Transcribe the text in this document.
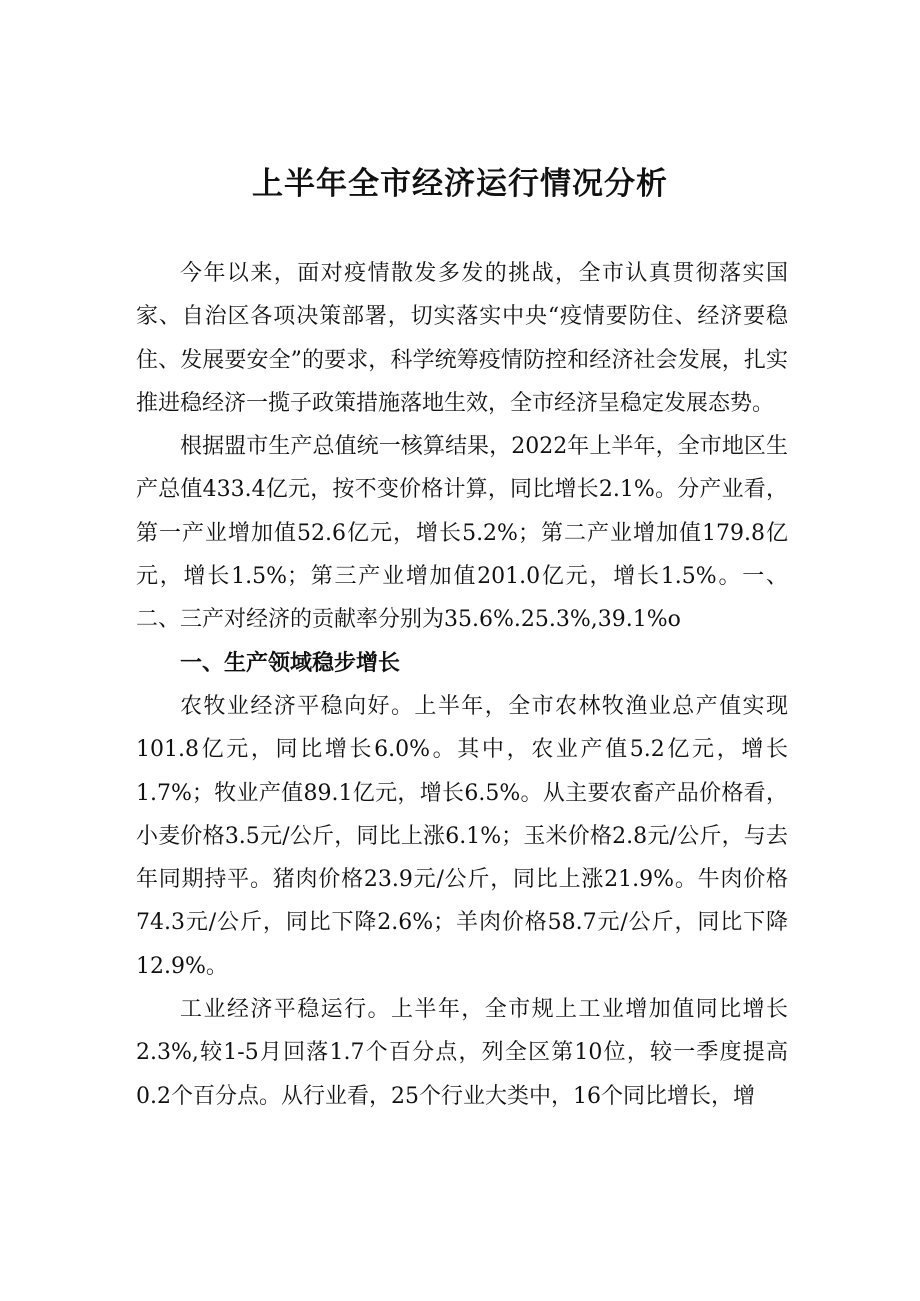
上半年全市经济运行情况分析

今年以来，面对疫情散发多发的挑战，全市认真贯彻落实国家、自治区各项决策部署，切实落实中央“疫情要防住、经济要稳住、发展要安全”的要求，科学统筹疫情防控和经济社会发展，扎实推进稳经济一揽子政策措施落地生效，全市经济呈稳定发展态势。

根据盟市生产总值统一核算结果，2022年上半年，全市地区生产总值433.4亿元，按不变价格计算，同比增长2.1%。分产业看，第一产业增加值52.6亿元，增长5.2%；第二产业增加值179.8亿元，增长1.5%；第三产业增加值201.0亿元，增长1.5%。一、二、三产对经济的贡献率分别为35.6%.25.3%,39.1%o

一、生产领域稳步增长

农牧业经济平稳向好。上半年，全市农林牧渔业总产值实现101.8亿元，同比增长6.0%。其中，农业产值5.2亿元，增长1.7%；牧业产值89.1亿元，增长6.5%。从主要农畜产品价格看，小麦价格3.5元/公斤，同比上涨6.1%；玉米价格2.8元/公斤，与去年同期持平。猪肉价格23.9元/公斤，同比上涨21.9%。牛肉价格74.3元/公斤，同比下降2.6%；羊肉价格58.7元/公斤，同比下降12.9%。

工业经济平稳运行。上半年，全市规上工业增加值同比增长2.3%,较1-5月回落1.7个百分点，列全区第10位，较一季度提高0.2个百分点。从行业看，25个行业大类中，16个同比增长，增
